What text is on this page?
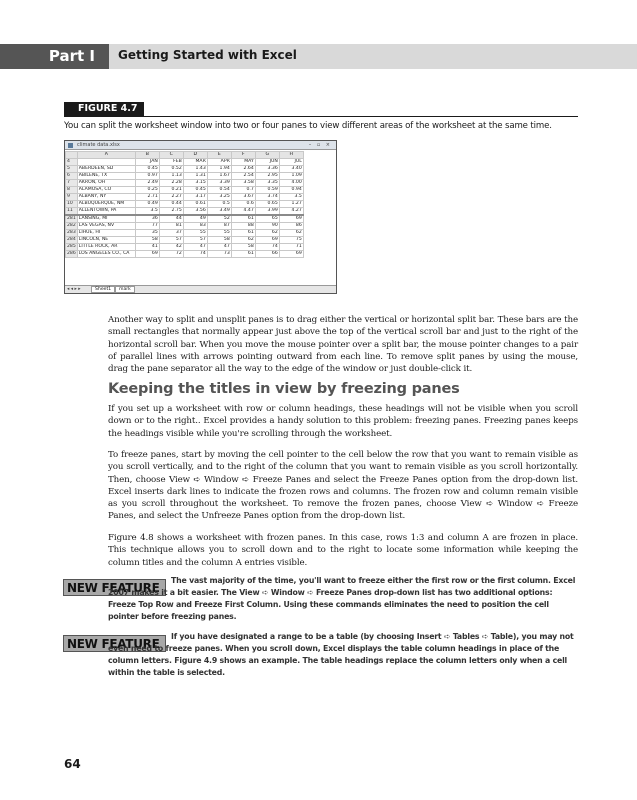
Part I Getting Started with Excel
FIGURE 4.7
You can split the worksheet window into two or four panes to view different areas of the worksheet at the same time.
climate data.xlsx	– ▫ ×
	A	B	C	D	E	F	G	H
4		JAN	FEB	MAR	APR	MAY	JUN	JUL
5	ABERDEEN, SD	0.45	0.52	1.43	1.94	2.64	3.36	3.40
6	ABILENE, TX	0.97	1.13	1.31	1.67	2.54	2.95	1.09
7	AKRON, OH	2.49	2.28	3.15	3.39	3.58	3.35	4.00
8	ALAMOSA, CO	0.25	0.21	0.45	0.54	0.7	0.59	0.94
9	ALBANY, NY	2.71	2.27	3.17	3.25	3.67	3.74	3.5
10	ALBUQUERQUE, NM	0.49	0.44	0.61	0.5	0.6	0.65	1.27
11	ALLENTOWN, PA	3.5	2.75	3.56	3.49	4.47	3.99	4.27
281	LANSING, MI	36	44	49	52	61	65	69
282	LAS VEGAS, NV	77	81	83	87	88	90	86
283	LIHUE, HI	35	37	55	55	61	62	62
284	LINCOLN, NE	58	57	57	58	62	69	75
285	LITTLE ROCK, AR	41	42	47	47	58	74	71
286	LOS ANGELES CO., CA	69	72	74	73	61	66	69
◂ ◂ ▸ ▸	Sheet1	mark

Another way to split and unsplit panes is to drag either the vertical or horizontal split bar. These bars are the small rectangles that normally appear just above the top of the vertical scroll bar and just to the right of the horizontal scroll bar. When you move the mouse pointer over a split bar, the mouse pointer changes to a pair of parallel lines with arrows pointing outward from each line. To remove split panes by using the mouse, drag the pane separator all the way to the edge of the window or just double-click it.

Keeping the titles in view by freezing panes

If you set up a worksheet with row or column headings, these headings will not be visible when you scroll down or to the right.. Excel provides a handy solution to this problem: freezing panes. Freezing panes keeps the headings visible while you're scrolling through the worksheet.

To freeze panes, start by moving the cell pointer to the cell below the row that you want to remain visible as you scroll vertically, and to the right of the column that you want to remain visible as you scroll horizontally. Then, choose View ➪ Window ➪ Freeze Panes and select the Freeze Panes option from the drop-down list. Excel inserts dark lines to indicate the frozen rows and columns. The frozen row and column remain visible as you scroll throughout the worksheet. To remove the frozen panes, choose View ➪ Window ➪ Freeze Panes, and select the Unfreeze Panes option from the drop-down list.

Figure 4.8 shows a worksheet with frozen panes. In this case, rows 1:3 and column A are frozen in place. This technique allows you to scroll down and to the right to locate some information while keeping the column titles and the column A entries visible.

NEW FEATURE

The vast majority of the time, you'll want to freeze either the first row or the first column. Excel 2007 makes it a bit easier. The View ➪ Window ➪ Freeze Panes drop-down list has two additional options: Freeze Top Row and Freeze First Column. Using these commands eliminates the need to position the cell pointer before freezing panes.

NEW FEATURE

If you have designated a range to be a table (by choosing Insert ➪ Tables ➪ Table), you may not even need to freeze panes. When you scroll down, Excel displays the table column headings in place of the column letters. Figure 4.9 shows an example. The table headings replace the column letters only when a cell within the table is selected.

64
